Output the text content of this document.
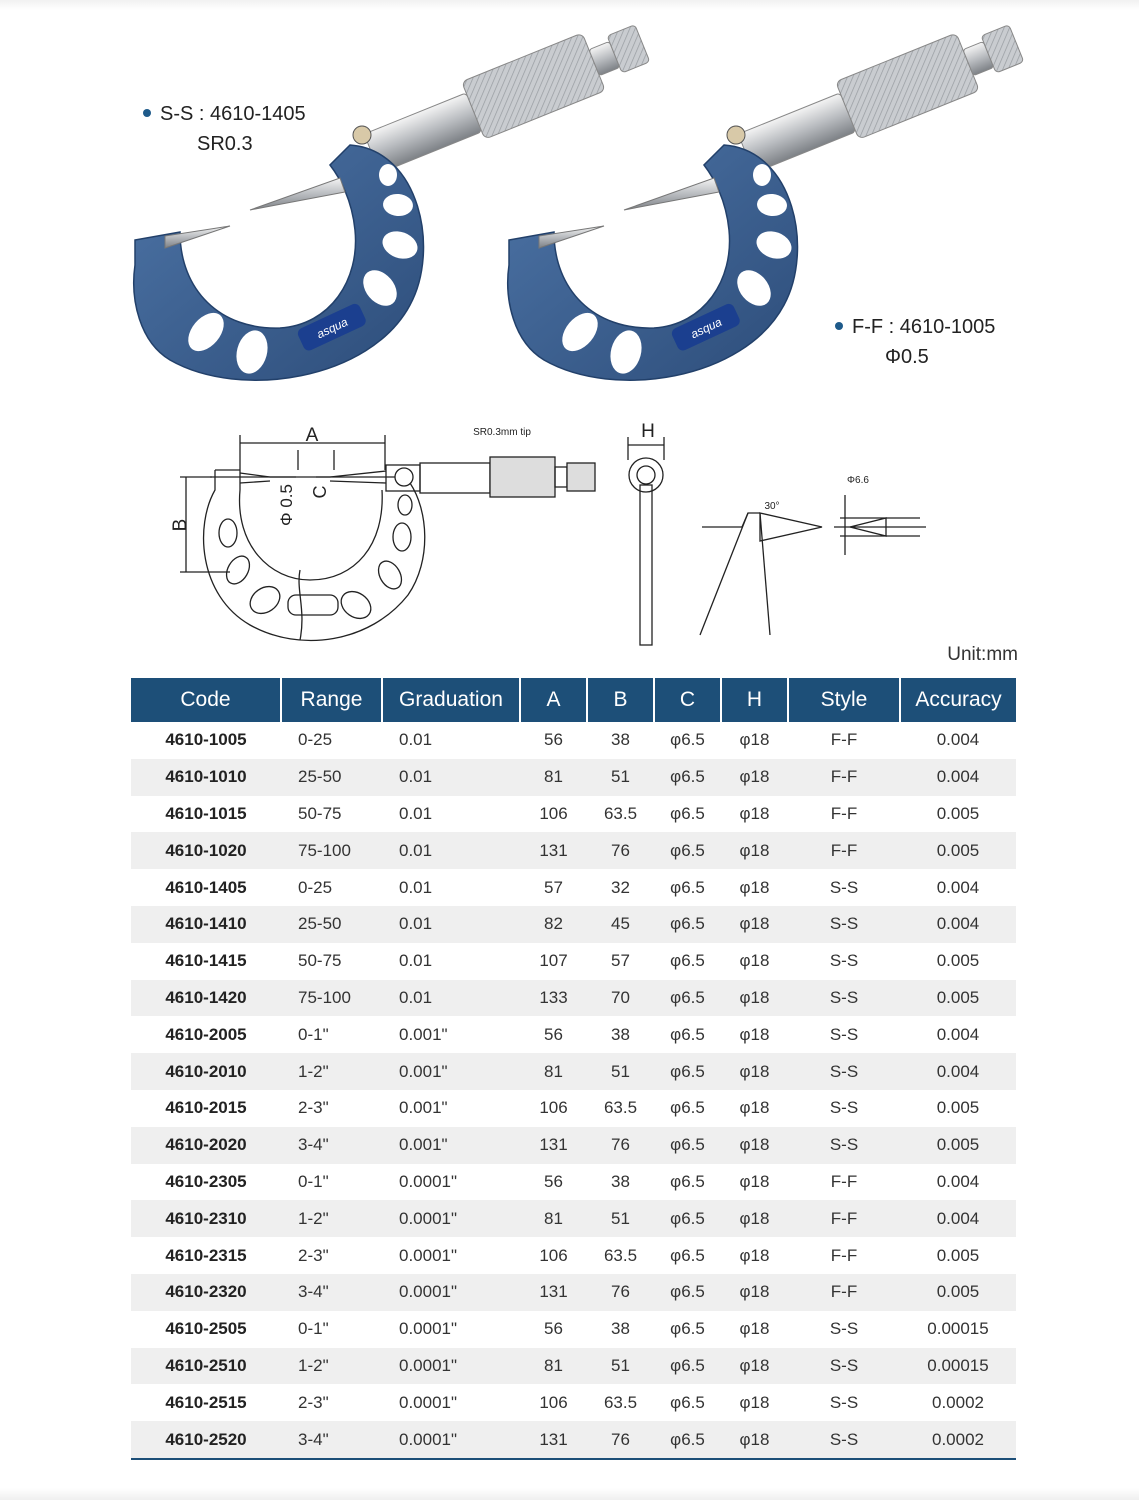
asqua	asqua
S-S : 4610-1405
SR0.3
F-F : 4610-1005
Φ0.5
A
B
C
Φ 0.5
SR0.3mm tip	H
30°
Φ6.6
Unit:mm
Code	Range	Graduation	A	B	C	H	Style	Accuracy
4610-1005	0-25	0.01	56	38	φ6.5	φ18	F-F	0.004
4610-1010	25-50	0.01	81	51	φ6.5	φ18	F-F	0.004
4610-1015	50-75	0.01	106	63.5	φ6.5	φ18	F-F	0.005
4610-1020	75-100	0.01	131	76	φ6.5	φ18	F-F	0.005
4610-1405	0-25	0.01	57	32	φ6.5	φ18	S-S	0.004
4610-1410	25-50	0.01	82	45	φ6.5	φ18	S-S	0.004
4610-1415	50-75	0.01	107	57	φ6.5	φ18	S-S	0.005
4610-1420	75-100	0.01	133	70	φ6.5	φ18	S-S	0.005
4610-2005	0-1"	0.001"	56	38	φ6.5	φ18	S-S	0.004
4610-2010	1-2"	0.001"	81	51	φ6.5	φ18	S-S	0.004
4610-2015	2-3"	0.001"	106	63.5	φ6.5	φ18	S-S	0.005
4610-2020	3-4"	0.001"	131	76	φ6.5	φ18	S-S	0.005
4610-2305	0-1"	0.0001"	56	38	φ6.5	φ18	F-F	0.004
4610-2310	1-2"	0.0001"	81	51	φ6.5	φ18	F-F	0.004
4610-2315	2-3"	0.0001"	106	63.5	φ6.5	φ18	F-F	0.005
4610-2320	3-4"	0.0001"	131	76	φ6.5	φ18	F-F	0.005
4610-2505	0-1"	0.0001"	56	38	φ6.5	φ18	S-S	0.00015
4610-2510	1-2"	0.0001"	81	51	φ6.5	φ18	S-S	0.00015
4610-2515	2-3"	0.0001"	106	63.5	φ6.5	φ18	S-S	0.0002
4610-2520	3-4"	0.0001"	131	76	φ6.5	φ18	S-S	0.0002
